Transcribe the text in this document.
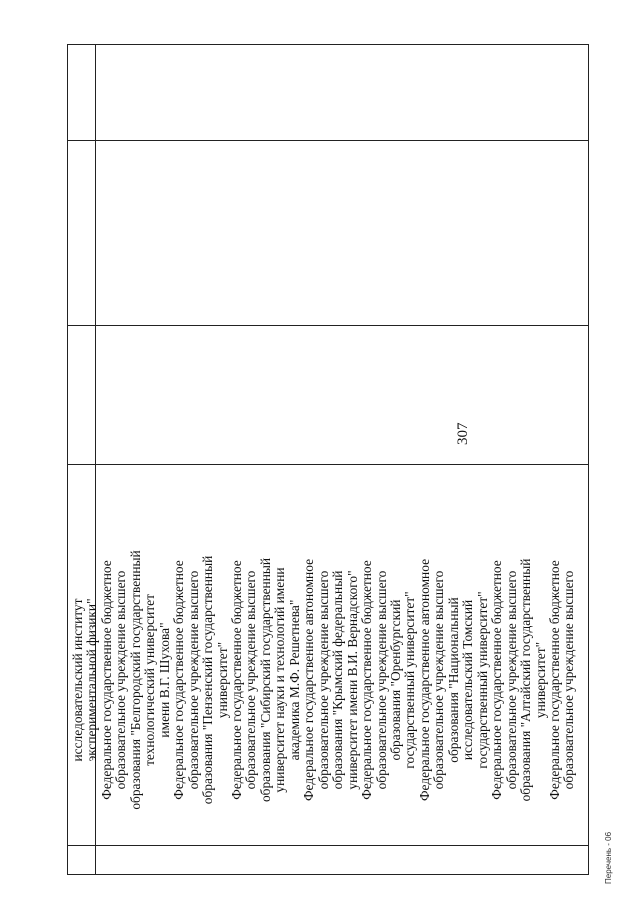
307
исследовательский институт экспериментальной физики" Федеральное государственное бюджетное образовательное учреждение высшего образования "Белгородский государственный технологический университет имени В.Г. Шухова" Федеральное государственное бюджетное образовательное учреждение высшего образования "Пензенский государственный университет" Федеральное государственное бюджетное образовательное учреждение высшего образования "Сибирский государственный университет науки и технологий имени академика М.Ф. Решетнева" Федеральное государственное автономное образовательное учреждение высшего образования "Крымский федеральный университет имени В.И. Вернадского" Федеральное государственное бюджетное образовательное учреждение высшего образования "Оренбургский государственный университет" Федеральное государственное автономное образовательное учреждение высшего образования "Национальный исследовательский Томский государственный университет" Федеральное государственное бюджетное образовательное учреждение высшего образования "Алтайский государственный университет" Федеральное государственное бюджетное образовательное учреждение высшего
Перечень - 06
